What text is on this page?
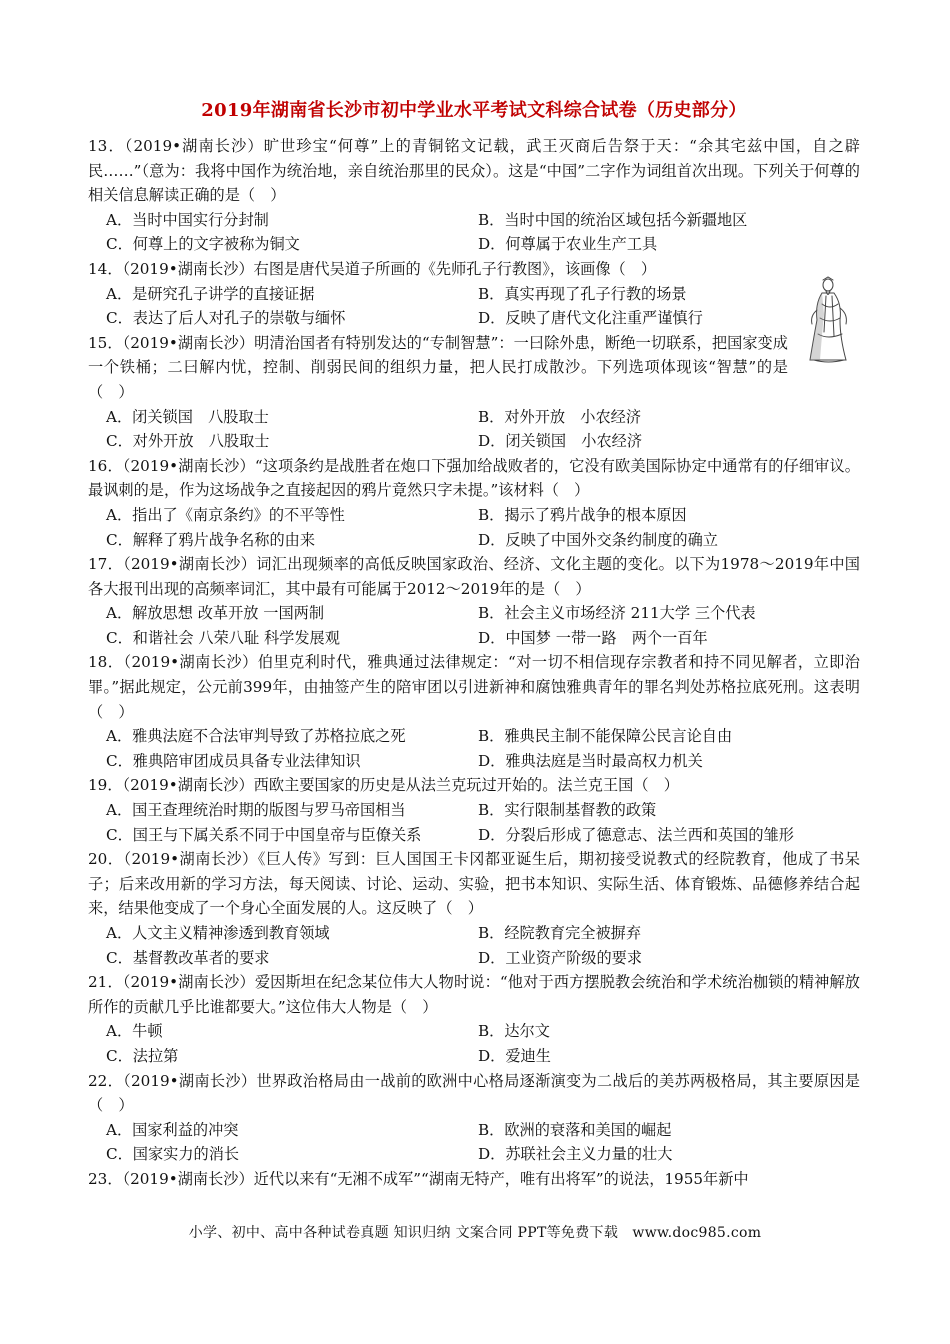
2019年湖南省长沙市初中学业水平考试文科综合试卷（历史部分）
13．（2019•湖南长沙）旷世珍宝“何尊”上的青铜铭文记载，武王灭商后告祭于天：“余其宅兹中国，自之辟民……”（意为：我将中国作为统治地，亲自统治那里的民众）。这是“中国”二字作为词组首次出现。下列关于何尊的相关信息解读正确的是（　）
A．当时中国实行分封制	B．当时中国的统治区域包括今新疆地区
C．何尊上的文字被称为铜文	D．何尊属于农业生产工具
14．（2019•湖南长沙）右图是唐代吴道子所画的《先师孔子行教图》，该画像（　）
A．是研究孔子讲学的直接证据	B．真实再现了孔子行教的场景
C．表达了后人对孔子的崇敬与缅怀	D．反映了唐代文化注重严谨慎行
15．（2019•湖南长沙）明清治国者有特别发达的“专制智慧”：一曰除外患，断绝一切联系，把国家变成一个铁桶；二曰解内忧，控制、削弱民间的组织力量，把人民打成散沙。下列选项体现该“智慧”的是（　）
A．闭关锁国　八股取士	B．对外开放　小农经济
C．对外开放　八股取士	D．闭关锁国　小农经济
16．（2019•湖南长沙）“这项条约是战胜者在炮口下强加给战败者的，它没有欧美国际协定中通常有的仔细审议。最讽刺的是，作为这场战争之直接起因的鸦片竟然只字未提。”该材料（　）
A．指出了《南京条约》的不平等性	B．揭示了鸦片战争的根本原因
C．解释了鸦片战争名称的由来	D．反映了中国外交条约制度的确立
17．（2019•湖南长沙）词汇出现频率的高低反映国家政治、经济、文化主题的变化。以下为1978～2019年中国各大报刊出现的高频率词汇，其中最有可能属于2012～2019年的是（　）
A．解放思想 改革开放 一国两制	B．社会主义市场经济 211大学 三个代表
C．和谐社会 八荣八耻 科学发展观	D．中国梦 一带一路　两个一百年
18．（2019•湖南长沙）伯里克利时代，雅典通过法律规定：“对一切不相信现存宗教者和持不同见解者，立即治罪。”据此规定，公元前399年，由抽签产生的陪审团以引进新神和腐蚀雅典青年的罪名判处苏格拉底死刑。这表明（　）
A．雅典法庭不合法审判导致了苏格拉底之死	B．雅典民主制不能保障公民言论自由
C．雅典陪审团成员具备专业法律知识	D．雅典法庭是当时最高权力机关
19．（2019•湖南长沙）西欧主要国家的历史是从法兰克玩过开始的。法兰克王国（　）
A．国王查理统治时期的版图与罗马帝国相当	B．实行限制基督教的政策
C．国王与下属关系不同于中国皇帝与臣僚关系	D．分裂后形成了德意志、法兰西和英国的雏形
20．（2019•湖南长沙）《巨人传》写到：巨人国国王卡冈都亚诞生后，期初接受说教式的经院教育，他成了书呆子；后来改用新的学习方法，每天阅读、讨论、运动、实验，把书本知识、实际生活、体育锻炼、品德修养结合起来，结果他变成了一个身心全面发展的人。这反映了（　）
A．人文主义精神渗透到教育领域	B．经院教育完全被摒弃
C．基督教改革者的要求	D．工业资产阶级的要求
21．（2019•湖南长沙）爱因斯坦在纪念某位伟大人物时说：“他对于西方摆脱教会统治和学术统治枷锁的精神解放所作的贡献几乎比谁都要大。”这位伟大人物是（　）
A．牛顿	B．达尔文
C．法拉第	D．爱迪生
22．（2019•湖南长沙）世界政治格局由一战前的欧洲中心格局逐渐演变为二战后的美苏两极格局，其主要原因是（　）
A．国家利益的冲突	B．欧洲的衰落和美国的崛起
C．国家实力的消长	D．苏联社会主义力量的壮大
23．（2019•湖南长沙）近代以来有“无湘不成军”“湖南无特产，唯有出将军”的说法，1955年新中
小学、初中、高中各种试卷真题 知识归纳 文案合同 PPT等免费下载　www.doc985.com
